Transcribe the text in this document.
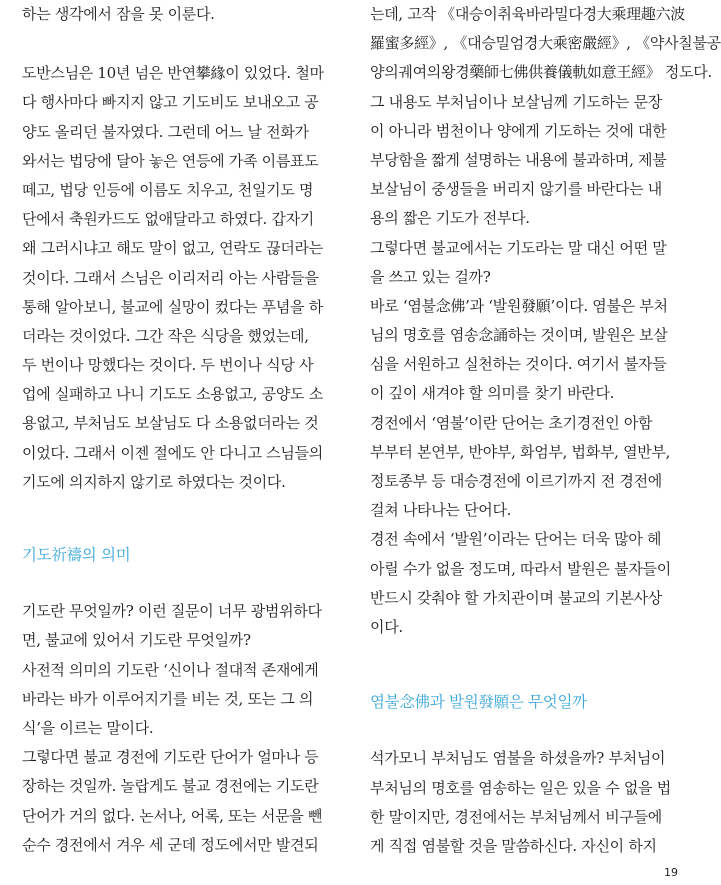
하는 생각에서 잠을 못 이룬다.
도반스님은 10년 넘은 반연攀緣이 있었다. 철마
다 행사마다 빠지지 않고 기도비도 보내오고 공
양도 올리던 불자였다. 그런데 어느 날 전화가
와서는 법당에 달아 놓은 연등에 가족 이름표도
떼고, 법당 인등에 이름도 치우고, 천일기도 명
단에서 축원카드도 없애달라고 하였다. 갑자기
왜 그러시냐고 해도 말이 없고, 연락도 끊더라는
것이다. 그래서 스님은 이리저리 아는 사람들을
통해 알아보니, 불교에 실망이 컸다는 푸념을 하
더라는 것이었다. 그간 작은 식당을 했었는데,
두 번이나 망했다는 것이다. 두 번이나 식당 사
업에 실패하고 나니 기도도 소용없고, 공양도 소
용없고, 부처님도 보살님도 다 소용없더라는 것
이었다. 그래서 이젠 절에도 안 다니고 스님들의
기도에 의지하지 않기로 하였다는 것이다.
기도祈禱의 의미
기도란 무엇일까? 이런 질문이 너무 광범위하다
면, 불교에 있어서 기도란 무엇일까?
사전적 의미의 기도란 ‘신이나 절대적 존재에게
바라는 바가 이루어지기를 비는 것, 또는 그 의
식’을 이르는 말이다.
그렇다면 불교 경전에 기도란 단어가 얼마나 등
장하는 것일까. 놀랍게도 불교 경전에는 기도란
단어가 거의 없다. 논서나, 어록, 또는 서문을 뺀
순수 경전에서 겨우 세 군데 정도에서만 발견되
는데, 고작 《대승이취육바라밀다경大乘理趣六波
羅蜜多經》, 《대승밀엄경大乘密嚴經》, 《약사칠불공
양의궤여의왕경藥師七佛供養儀軌如意王經》 정도다.
그 내용도 부처님이나 보살님께 기도하는 문장
이 아니라 범천이나 양에게 기도하는 것에 대한
부당함을 짧게 설명하는 내용에 불과하며, 제불
보살님이 중생들을 버리지 않기를 바란다는 내
용의 짧은 기도가 전부다.
그렇다면 불교에서는 기도라는 말 대신 어떤 말
을 쓰고 있는 걸까?
바로 ‘염불念佛’과 ‘발원發願’이다. 염불은 부처
님의 명호를 염송念誦하는 것이며, 발원은 보살
심을 서원하고 실천하는 것이다. 여기서 불자들
이 깊이 새겨야 할 의미를 찾기 바란다.
경전에서 ‘염불’이란 단어는 초기경전인 아함
부부터 본연부, 반야부, 화엄부, 법화부, 열반부,
정토종부 등 대승경전에 이르기까지 전 경전에
걸쳐 나타나는 단어다.
경전 속에서 ‘발원’이라는 단어는 더욱 많아 헤
아릴 수가 없을 정도며, 따라서 발원은 불자들이
반드시 갖춰야 할 가치관이며 불교의 기본사상
이다.
염불念佛과 발원發願은 무엇일까
석가모니 부처님도 염불을 하셨을까? 부처님이
부처님의 명호를 염송하는 일은 있을 수 없을 법
한 말이지만, 경전에서는 부처님께서 비구들에
게 직접 염불할 것을 말씀하신다. 자신이 하지
19
